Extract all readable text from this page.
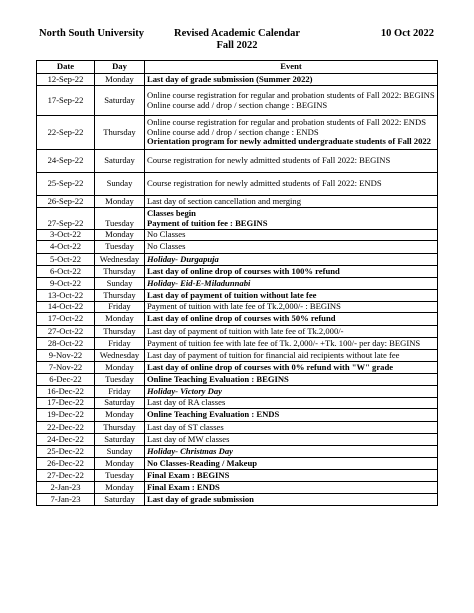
North South University	Revised Academic Calendar
Fall 2022
10 Oct 2022
Date	Day	Event
12-Sep-22	Monday	Last day of grade submission (Summer 2022)

17-Sep-22	Saturday	Online course registration for regular and probation students of Fall 2022: BEGINS
Online course add / drop / section change : BEGINS

22-Sep-22	Thursday	Online course registration for regular and probation students of Fall 2022: ENDS
Online course add / drop / section change : ENDS
Orientation program for newly admitted undergraduate students of Fall 2022

24-Sep-22	Saturday	Course registration for newly admitted students of Fall 2022: BEGINS

25-Sep-22	Sunday	Course registration for newly admitted students of Fall 2022: ENDS

26-Sep-22	Monday	Last day of section cancellation and merging

27-Sep-22	Tuesday	Classes begin
Payment of tuition fee : BEGINS

3-Oct-22	Monday	No Classes

4-Oct-22	Tuesday	No Classes

5-Oct-22	Wednesday	Holiday- Durgapuja

6-Oct-22	Thursday	Last day of online drop of courses with 100% refund

9-Oct-22	Sunday	Holiday- Eid-E-Miladunnabi

13-Oct-22	Thursday	Last day of payment of tuition without late fee

14-Oct-22	Friday	Payment of tuition with late fee of Tk.2,000/- : BEGINS

17-Oct-22	Monday	Last day of online drop of courses with 50% refund

27-Oct-22	Thursday	Last day of payment of tuition with late fee of Tk.2,000/-

28-Oct-22	Friday	Payment of tuition fee with late fee of Tk. 2,000/- +Tk. 100/- per day: BEGINS

9-Nov-22	Wednesday	Last day of payment of tuition for financial aid recipients without late fee

7-Nov-22	Monday	Last day of online drop of courses with 0% refund with "W" grade

6-Dec-22	Tuesday	Online Teaching Evaluation : BEGINS

16-Dec-22	Friday	Holiday- Victory Day

17-Dec-22	Saturday	Last day of RA classes

19-Dec-22	Monday	Online Teaching Evaluation : ENDS

22-Dec-22	Thursday	Last day of ST classes

24-Dec-22	Saturday	Last day of MW classes

25-Dec-22	Sunday	Holiday- Christmas Day

26-Dec-22	Monday	No Classes-Reading / Makeup

27-Dec-22	Tuesday	Final Exam : BEGINS

2-Jan-23	Monday	Final Exam : ENDS

7-Jan-23	Saturday	Last day of grade submission
